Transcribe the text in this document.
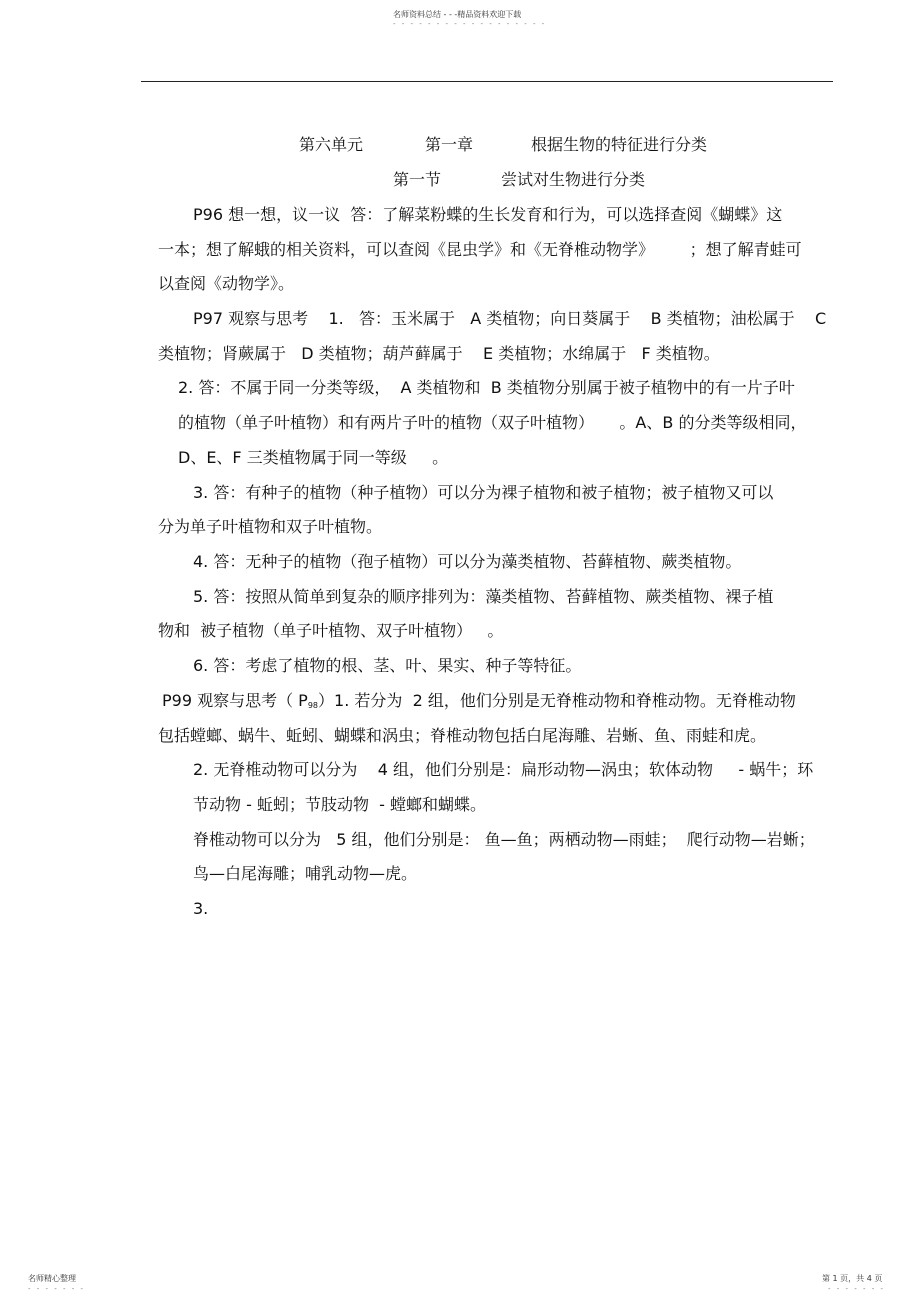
名师资料总结 - - -精品资料欢迎下载
- - - - - - - - - - - - - - - - - -
第六单元	第一章	根据生物的特征进行分类
第一节	尝试对生物进行分类
P96 想一想，议一议  答：了解菜粉蝶的生长发育和行为，可以选择查阅《蝴蝶》这
一本；想了解蛾的相关资料，可以查阅《昆虫学》和《无脊椎动物学》       ；想了解青蛙可
以查阅《动物学》。
P97 观察与思考    1.   答：玉米属于   A 类植物；向日葵属于    B 类植物；油松属于    C
类植物；肾蕨属于   D 类植物；葫芦藓属于    E 类植物；水绵属于   F 类植物。
2. 答：不属于同一分类等级，  A 类植物和  B 类植物分别属于被子植物中的有一片子叶
的植物（单子叶植物）和有两片子叶的植物（双子叶植物）     。A、B 的分类等级相同，
D、E、F 三类植物属于同一等级     。
3. 答：有种子的植物（种子植物）可以分为裸子植物和被子植物；被子植物又可以
分为单子叶植物和双子叶植物。
4. 答：无种子的植物（孢子植物）可以分为藻类植物、苔藓植物、蕨类植物。
5. 答：按照从简单到复杂的顺序排列为：藻类植物、苔藓植物、蕨类植物、裸子植
物和  被子植物（单子叶植物、双子叶植物）   。
6. 答：考虑了植物的根、茎、叶、果实、种子等特征。
P99 观察与思考（ $P_{98})1$. 若分为  2 组，他们分别是无脊椎动物和脊椎动物。无脊椎动物
包括螳螂、蜗牛、蚯蚓、蝴蝶和涡虫；脊椎动物包括白尾海雕、岩蜥、鱼、雨蛙和虎。
2. 无脊椎动物可以分为    4 组，他们分别是：扁形动物—涡虫；软体动物     - 蜗牛；环
节动物 - 蚯蚓；节肢动物  - 螳螂和蝴蝶。
脊椎动物可以分为   5 组，他们分别是： 鱼—鱼；两栖动物—雨蛙；  爬行动物—岩蜥；
鸟—白尾海雕；哺乳动物—虎。
3.
名师精心整理
- - - - - - -
第 1 页，共 4 页
- - - - - - -
